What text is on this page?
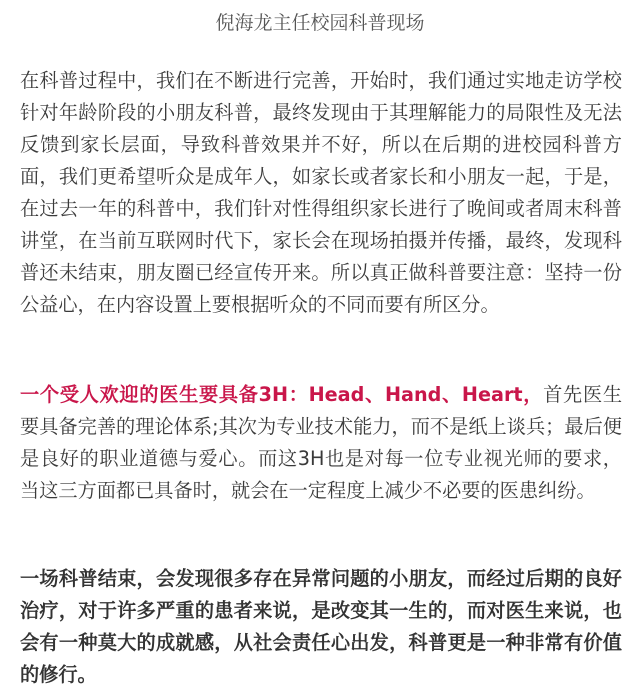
倪海龙主任校园科普现场

在科普过程中，我们在不断进行完善，开始时，我们通过实地走访学校针对年龄阶段的小朋友科普，最终发现由于其理解能力的局限性及无法反馈到家长层面，导致科普效果并不好，所以在后期的进校园科普方面，我们更希望听众是成年人，如家长或者家长和小朋友一起，于是，在过去一年的科普中，我们针对性得组织家长进行了晚间或者周末科普讲堂，在当前互联网时代下，家长会在现场拍摄并传播，最终，发现科普还未结束，朋友圈已经宣传开来。所以真正做科普要注意：坚持一份公益心，在内容设置上要根据听众的不同而要有所区分。

一个受人欢迎的医生要具备3H：Head、Hand、Heart，首先医生要具备完善的理论体系;其次为专业技术能力，而不是纸上谈兵；最后便是良好的职业道德与爱心。而这3H也是对每一位专业视光师的要求，当这三方面都已具备时，就会在一定程度上减少不必要的医患纠纷。

一场科普结束，会发现很多存在异常问题的小朋友，而经过后期的良好治疗，对于许多严重的患者来说，是改变其一生的，而对医生来说，也会有一种莫大的成就感，从社会责任心出发，科普更是一种非常有价值的修行。
